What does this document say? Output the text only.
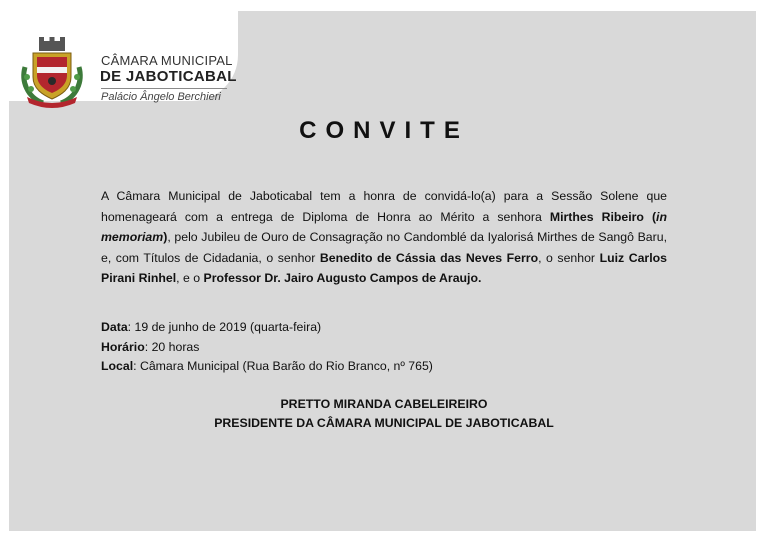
CÂMARA MUNICIPAL
DE JABOTICABAL
Palácio Ângelo Berchieri
CONVITE
A Câmara Municipal de Jaboticabal tem a honra de convidá-lo(a) para a Sessão Solene que homenageará com a entrega de Diploma de Honra ao Mérito a senhora Mirthes Ribeiro (in memoriam), pelo Jubileu de Ouro de Consagração no Candomblé da Iyalorisá Mirthes de Sangô Baru, e, com Títulos de Cidadania, o senhor Benedito de Cássia das Neves Ferro, o senhor Luiz Carlos Pirani Rinhel, e o Professor Dr. Jairo Augusto Campos de Araujo.
Data: 19 de junho de 2019 (quarta-feira)
Horário: 20 horas
Local: Câmara Municipal (Rua Barão do Rio Branco, nº 765)
PRETTO MIRANDA CABELEIREIRO
PRESIDENTE DA CÂMARA MUNICIPAL DE JABOTICABAL
